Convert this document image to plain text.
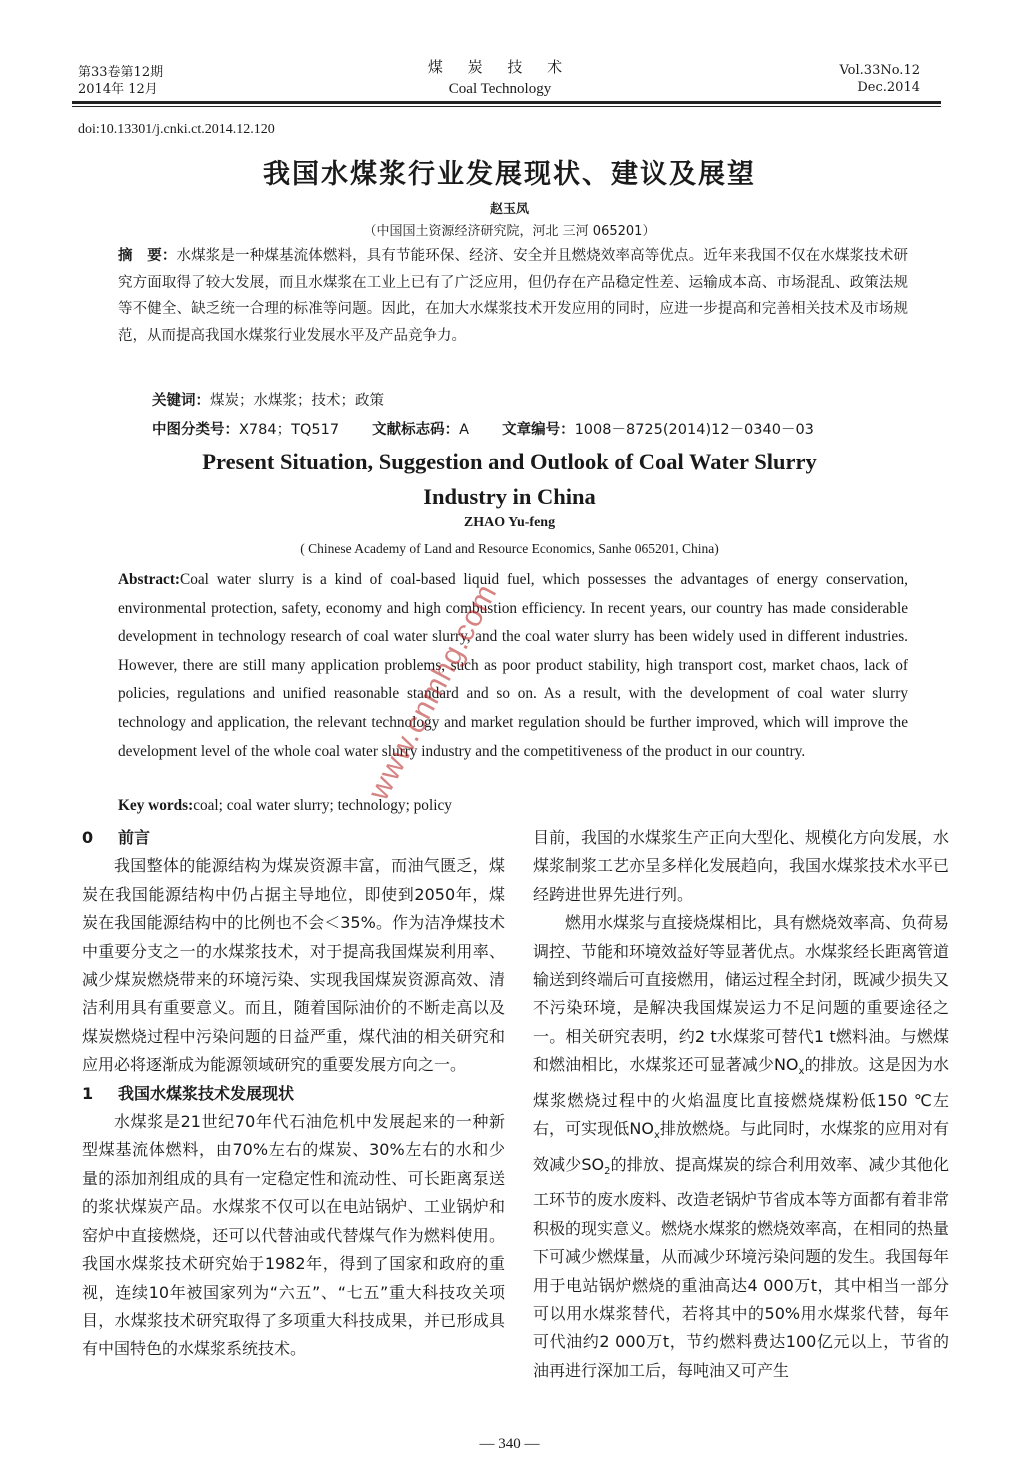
第33卷第12期
2014年 12月
煤 炭 技 术
Coal Technology
Vol.33No.12
Dec.2014
doi:10.13301/j.cnki.ct.2014.12.120
我国水煤浆行业发展现状、建议及展望
赵玉凤
（中国国土资源经济研究院，河北 三河 065201）
摘　要：水煤浆是一种煤基流体燃料，具有节能环保、经济、安全并且燃烧效率高等优点。近年来我国不仅在水煤浆技术研究方面取得了较大发展，而且水煤浆在工业上已有了广泛应用，但仍存在产品稳定性差、运输成本高、市场混乱、政策法规等不健全、缺乏统一合理的标准等问题。因此，在加大水煤浆技术开发应用的同时，应进一步提高和完善相关技术及市场规范，从而提高我国水煤浆行业发展水平及产品竞争力。
关键词：煤炭；水煤浆；技术；政策
中图分类号：X784；TQ517 文献标志码：A 文章编号：1008－8725(2014)12－0340－03
Present Situation, Suggestion and Outlook of Coal Water Slurry
Industry in China
ZHAO Yu-feng
( Chinese Academy of Land and Resource Economics, Sanhe 065201, China)
Abstract:Coal water slurry is a kind of coal-based liquid fuel, which possesses the advantages of energy conservation, environmental protection, safety, economy and high combustion efficiency. In recent years, our country has made considerable development in technology research of coal water slurry, and the coal water slurry has been widely used in different industries. However, there are still many application problems, such as poor product stability, high transport cost, market chaos, lack of policies, regulations and unified reasonable standard and so on. As a result, with the development of coal water slurry technology and application, the relevant technology and market regulation should be further improved, which will improve the development level of the whole coal water slurry industry and the competitiveness of the product in our country.
Key words:coal; coal water slurry; technology; policy
0 前言

我国整体的能源结构为煤炭资源丰富，而油气匮乏，煤炭在我国能源结构中仍占据主导地位，即使到2050年，煤炭在我国能源结构中的比例也不会＜35%。作为洁净煤技术中重要分支之一的水煤浆技术，对于提高我国煤炭利用率、减少煤炭燃烧带来的环境污染、实现我国煤炭资源高效、清洁利用具有重要意义。而且，随着国际油价的不断走高以及煤炭燃烧过程中污染问题的日益严重，煤代油的相关研究和应用必将逐渐成为能源领域研究的重要发展方向之一。

1 我国水煤浆技术发展现状

水煤浆是21世纪70年代石油危机中发展起来的一种新型煤基流体燃料，由70%左右的煤炭、30%左右的水和少量的添加剂组成的具有一定稳定性和流动性、可长距离泵送的浆状煤炭产品。水煤浆不仅可以在电站锅炉、工业锅炉和窑炉中直接燃烧，还可以代替油或代替煤气作为燃料使用。我国水煤浆技术研究始于1982年，得到了国家和政府的重视，连续10年被国家列为“六五”、“七五”重大科技攻关项目，水煤浆技术研究取得了多项重大科技成果，并已形成具有中国特色的水煤浆系统技术。

目前，我国的水煤浆生产正向大型化、规模化方向发展，水煤浆制浆工艺亦呈多样化发展趋向，我国水煤浆技术水平已经跨进世界先进行列。

燃用水煤浆与直接烧煤相比，具有燃烧效率高、负荷易调控、节能和环境效益好等显著优点。水煤浆经长距离管道输送到终端后可直接燃用，储运过程全封闭，既减少损失又不污染环境，是解决我国煤炭运力不足问题的重要途径之一。相关研究表明，约2 t水煤浆可替代1 t燃料油。与燃煤和燃油相比，水煤浆还可显著减少$NO_x$的排放。这是因为水煤浆燃烧过程中的火焰温度比直接燃烧煤粉低150 ℃左右，可实现低$NO_x$排放燃烧。与此同时，水煤浆的应用对有效减少$SO_2$的排放、提高煤炭的综合利用效率、减少其他化工环节的废水废料、改造老锅炉节省成本等方面都有着非常积极的现实意义。燃烧水煤浆的燃烧效率高，在相同的热量下可减少燃煤量，从而减少环境污染问题的发生。我国每年用于电站锅炉燃烧的重油高达4 000万t，其中相当一部分可以用水煤浆替代，若将其中的50%用水煤浆代替，每年可代油约2 000万t，节约燃料费达100亿元以上，节省的油再进行深加工后，每吨油又可产生

— 340 —
www.cnmhg.com
